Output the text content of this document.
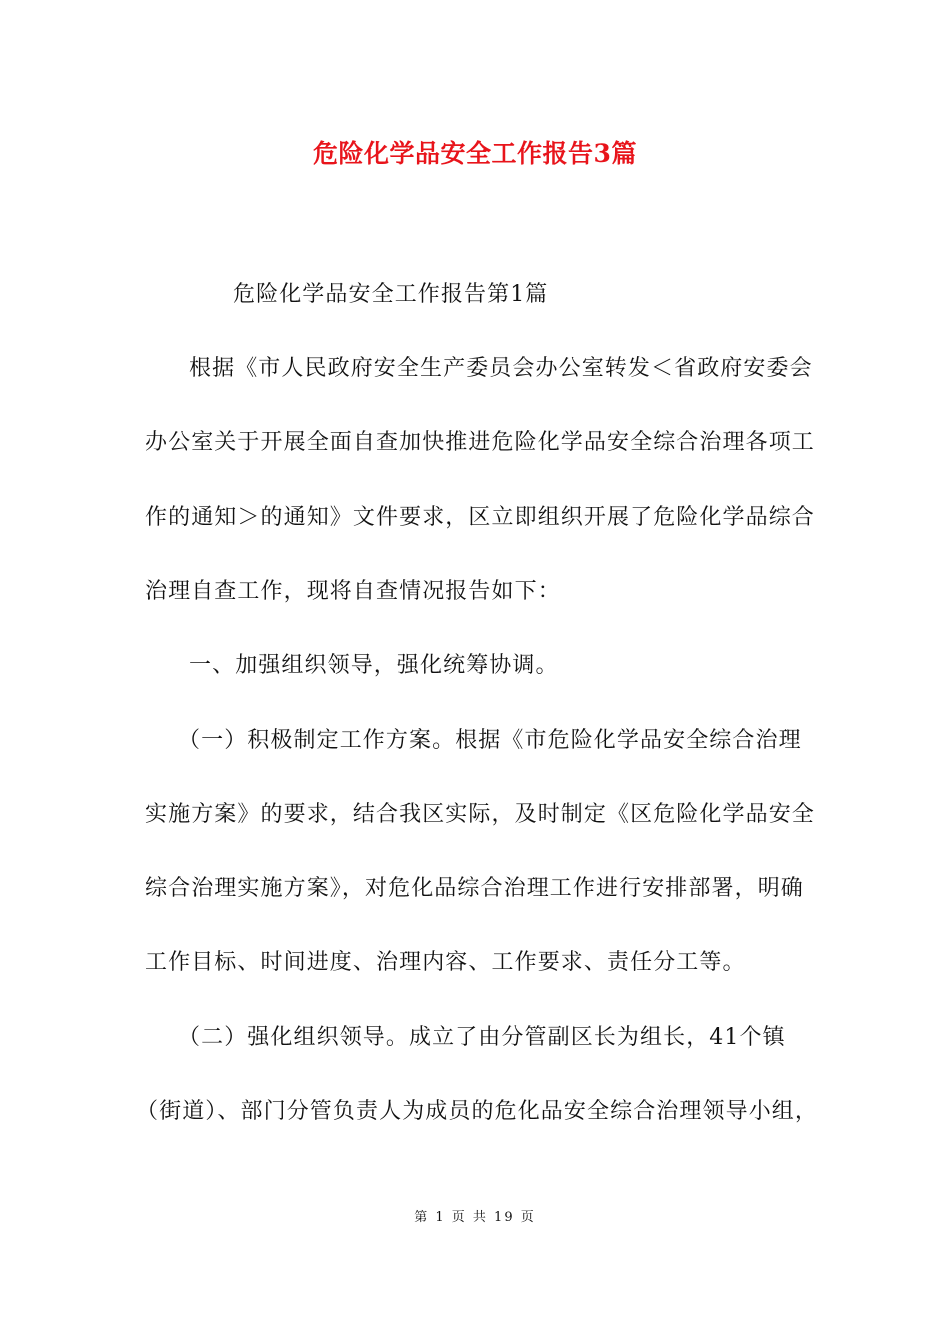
危险化学品安全工作报告3篇
危险化学品安全工作报告第1篇
根据《市人民政府安全生产委员会办公室转发＜省政府安委会
办公室关于开展全面自查加快推进危险化学品安全综合治理各项工
作的通知＞的通知》文件要求，区立即组织开展了危险化学品综合
治理自查工作，现将自查情况报告如下：
一、加强组织领导，强化统筹协调。
（一）积极制定工作方案。根据《市危险化学品安全综合治理
实施方案》的要求，结合我区实际，及时制定《区危险化学品安全
综合治理实施方案》，对危化品综合治理工作进行安排部署，明确
工作目标、时间进度、治理内容、工作要求、责任分工等。
（二）强化组织领导。成立了由分管副区长为组长，41个镇
（街道）、部门分管负责人为成员的危化品安全综合治理领导小组，
第 1 页 共 19 页
